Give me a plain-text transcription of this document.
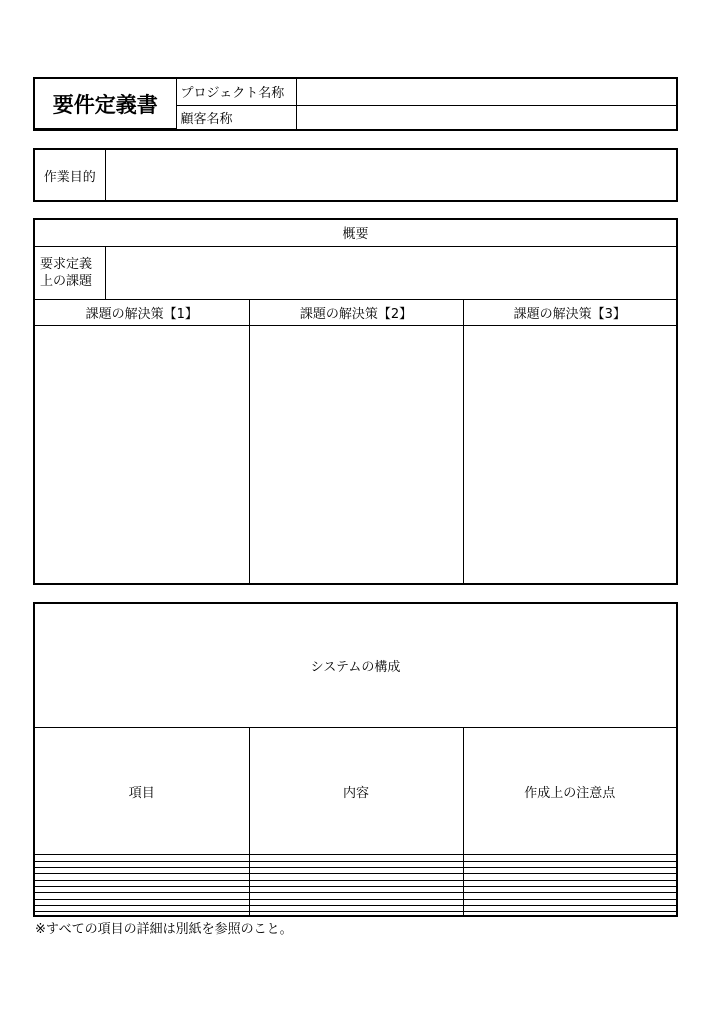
要件定義書	プロジェクト名称	
	顧客名称	
作業目的	
概要			

要求定義
上の課題			

課題の解決策【1】		課題の解決策【2】	課題の解決策【3】

システムの構成		
項目	内容	作成上の注意点

※すべての項目の詳細は別紙を参照のこと。
